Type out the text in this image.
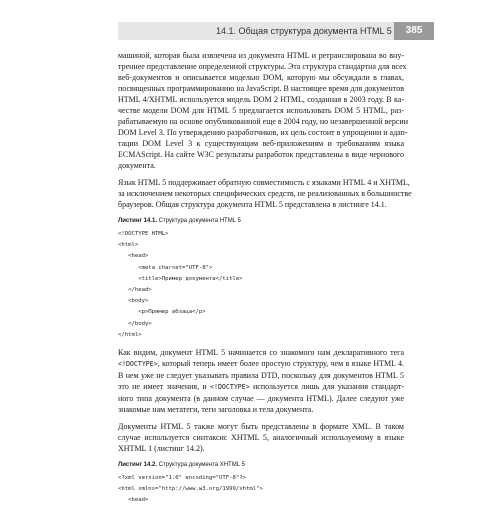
14.1. Общая структура документа HTML 5	385

машиной, которая была извлечена из документа HTML и ретранслирована во вну-
треннее представление определенной структуры. Эта структура стандартна для всех
веб-документов и описывается моделью DOM, которую мы обсуждали в главах,
посвященных программированию на JavaScript. В настоящее время для документов
HTML 4/XHTML используется модель DOM 2 HTML, созданная в 2003 году. В ка-
честве модели DOM для HTML 5 предлагается использовать DOM 5 HTML, раз-
рабатываемую на основе опубликованной еще в 2004 году, но незавершенной версии
DOM Level 3. По утверждению разработчиков, их цель состоит в упрощении и адап-
тации DOM Level 3 к существующим веб-приложениям и требованиям языка
ECMAScript. На сайте W3C результаты разработок представлены в виде чернового
документа.

Язык HTML 5 поддерживает обратную совместимость с языками HTML 4 и XHTML,
за исключением некоторых специфических средств, не реализованных в большинстве
браузеров. Общая структура документа HTML 5 представлена в листинге 14.1.

Листинг 14.1. Структура документа HTML 5
<!DOCTYPE HTML>
<html>
<head>
<meta charset="UTF-8">
<title>Пример документа</title>
</head>
<body>
<p>Пример абзаца</p>
</body>
</html>

Как видим, документ HTML 5 начинается со знакомого нам декларативного тега
<!DOCTYPE>, который теперь имеет более простую структуру, чем в языке HTML 4.
В нем уже не следует указывать правила DTD, поскольку для документов HTML 5
это не имеет значения, и <!DOCTYPE> используется лишь для указания стандарт-
ного типа документа (в данном случае — документа HTML). Далее следуют уже
знакомые нам метатеги, теги заголовка и тела документа.

Документы HTML 5 также могут быть представлены в формате XML. В таком
случае используется синтаксис XHTML 5, аналогичный используемому в языке
XHTML 1 (листинг 14.2).

Листинг 14.2. Структура документа XHTML 5
<?xml version="1.0" encoding="UTF-8"?>
<html xmlns="http://www.w3.org/1999/xhtml">
<head>
